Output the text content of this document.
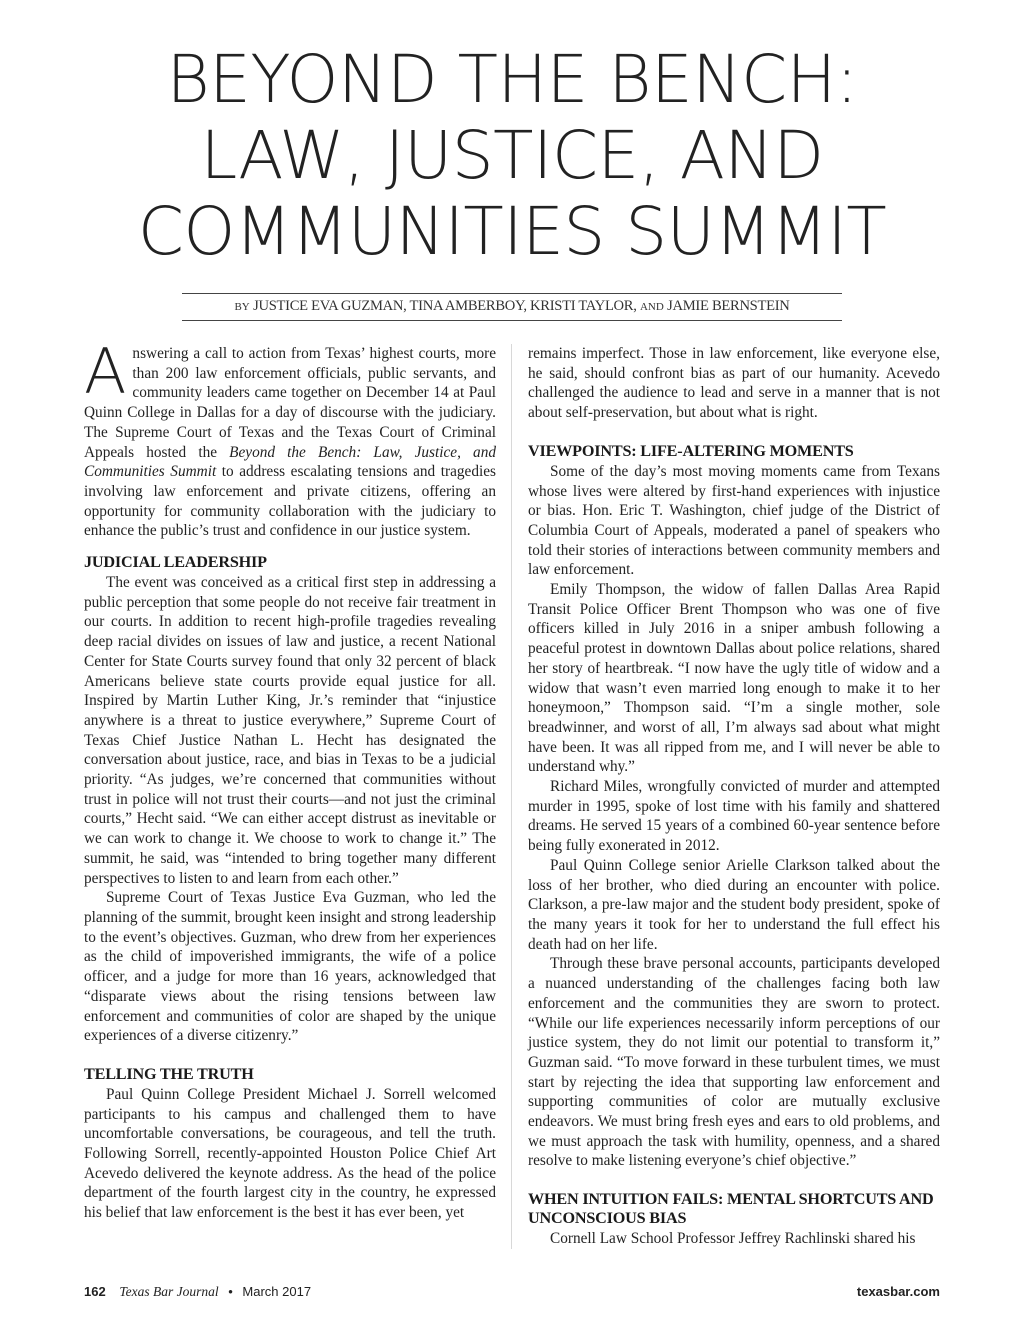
BEYOND THE BENCH:
LAW, JUSTICE, AND
COMMUNITIES SUMMIT
BY JUSTICE EVA GUZMAN, TINA AMBERBOY, KRISTI TAYLOR, AND JAMIE BERNSTEIN

Answering a call to action from Texas’ highest courts, more than 200 law enforcement officials, public servants, and community leaders came together on December 14 at Paul Quinn College in Dallas for a day of discourse with the judiciary. The Supreme Court of Texas and the Texas Court of Criminal Appeals hosted the Beyond the Bench: Law, Justice, and Communities Summit to address escalating tensions and tragedies involving law enforcement and private citizens, offering an opportunity for community collaboration with the judiciary to enhance the public’s trust and confidence in our justice system.

JUDICIAL LEADERSHIP

The event was conceived as a critical first step in addressing a public perception that some people do not receive fair treatment in our courts. In addition to recent high-profile tragedies revealing deep racial divides on issues of law and justice, a recent National Center for State Courts survey found that only 32 percent of black Americans believe state courts provide equal justice for all. Inspired by Martin Luther King, Jr.’s reminder that “injustice anywhere is a threat to justice everywhere,” Supreme Court of Texas Chief Justice Nathan L. Hecht has designated the conversation about justice, race, and bias in Texas to be a judicial priority. “As judges, we’re concerned that communities without trust in police will not trust their courts—and not just the criminal courts,” Hecht said. “We can either accept distrust as inevitable or we can work to change it. We choose to work to change it.” The summit, he said, was “intended to bring together many different perspectives to listen to and learn from each other.”

Supreme Court of Texas Justice Eva Guzman, who led the planning of the summit, brought keen insight and strong leadership to the event’s objectives. Guzman, who drew from her experiences as the child of impoverished immigrants, the wife of a police officer, and a judge for more than 16 years, acknowledged that “disparate views about the rising tensions between law enforcement and communities of color are shaped by the unique experiences of a diverse citizenry.”

TELLING THE TRUTH

Paul Quinn College President Michael J. Sorrell welcomed participants to his campus and challenged them to have uncomfortable conversations, be courageous, and tell the truth. Following Sorrell, recently-appointed Houston Police Chief Art Acevedo delivered the keynote address. As the head of the police department of the fourth largest city in the country, he expressed his belief that law enforcement is the best it has ever been, yet

remains imperfect. Those in law enforcement, like everyone else, he said, should confront bias as part of our humanity. Acevedo challenged the audience to lead and serve in a manner that is not about self-preservation, but about what is right.

VIEWPOINTS: LIFE-ALTERING MOMENTS

Some of the day’s most moving moments came from Texans whose lives were altered by first-hand experiences with injustice or bias. Hon. Eric T. Washington, chief judge of the District of Columbia Court of Appeals, moderated a panel of speakers who told their stories of interactions between community members and law enforcement.

Emily Thompson, the widow of fallen Dallas Area Rapid Transit Police Officer Brent Thompson who was one of five officers killed in July 2016 in a sniper ambush following a peaceful protest in downtown Dallas about police relations, shared her story of heartbreak. “I now have the ugly title of widow and a widow that wasn’t even married long enough to make it to her honeymoon,” Thompson said. “I’m a single mother, sole breadwinner, and worst of all, I’m always sad about what might have been. It was all ripped from me, and I will never be able to understand why.”

Richard Miles, wrongfully convicted of murder and attempted murder in 1995, spoke of lost time with his family and shattered dreams. He served 15 years of a combined 60-year sentence before being fully exonerated in 2012.

Paul Quinn College senior Arielle Clarkson talked about the loss of her brother, who died during an encounter with police. Clarkson, a pre-law major and the student body president, spoke of the many years it took for her to understand the full effect his death had on her life.

Through these brave personal accounts, participants developed a nuanced understanding of the challenges facing both law enforcement and the communities they are sworn to protect. “While our life experiences necessarily inform perceptions of our justice system, they do not limit our potential to transform it,” Guzman said. “To move forward in these turbulent times, we must start by rejecting the idea that supporting law enforcement and supporting communities of color are mutually exclusive endeavors. We must bring fresh eyes and ears to old problems, and we must approach the task with humility, openness, and a shared resolve to make listening everyone’s chief objective.”

WHEN INTUITION FAILS: MENTAL SHORTCUTS AND UNCONSCIOUS BIAS

Cornell Law School Professor Jeffrey Rachlinski shared his

162 Texas Bar Journal • March 2017	texasbar.com
